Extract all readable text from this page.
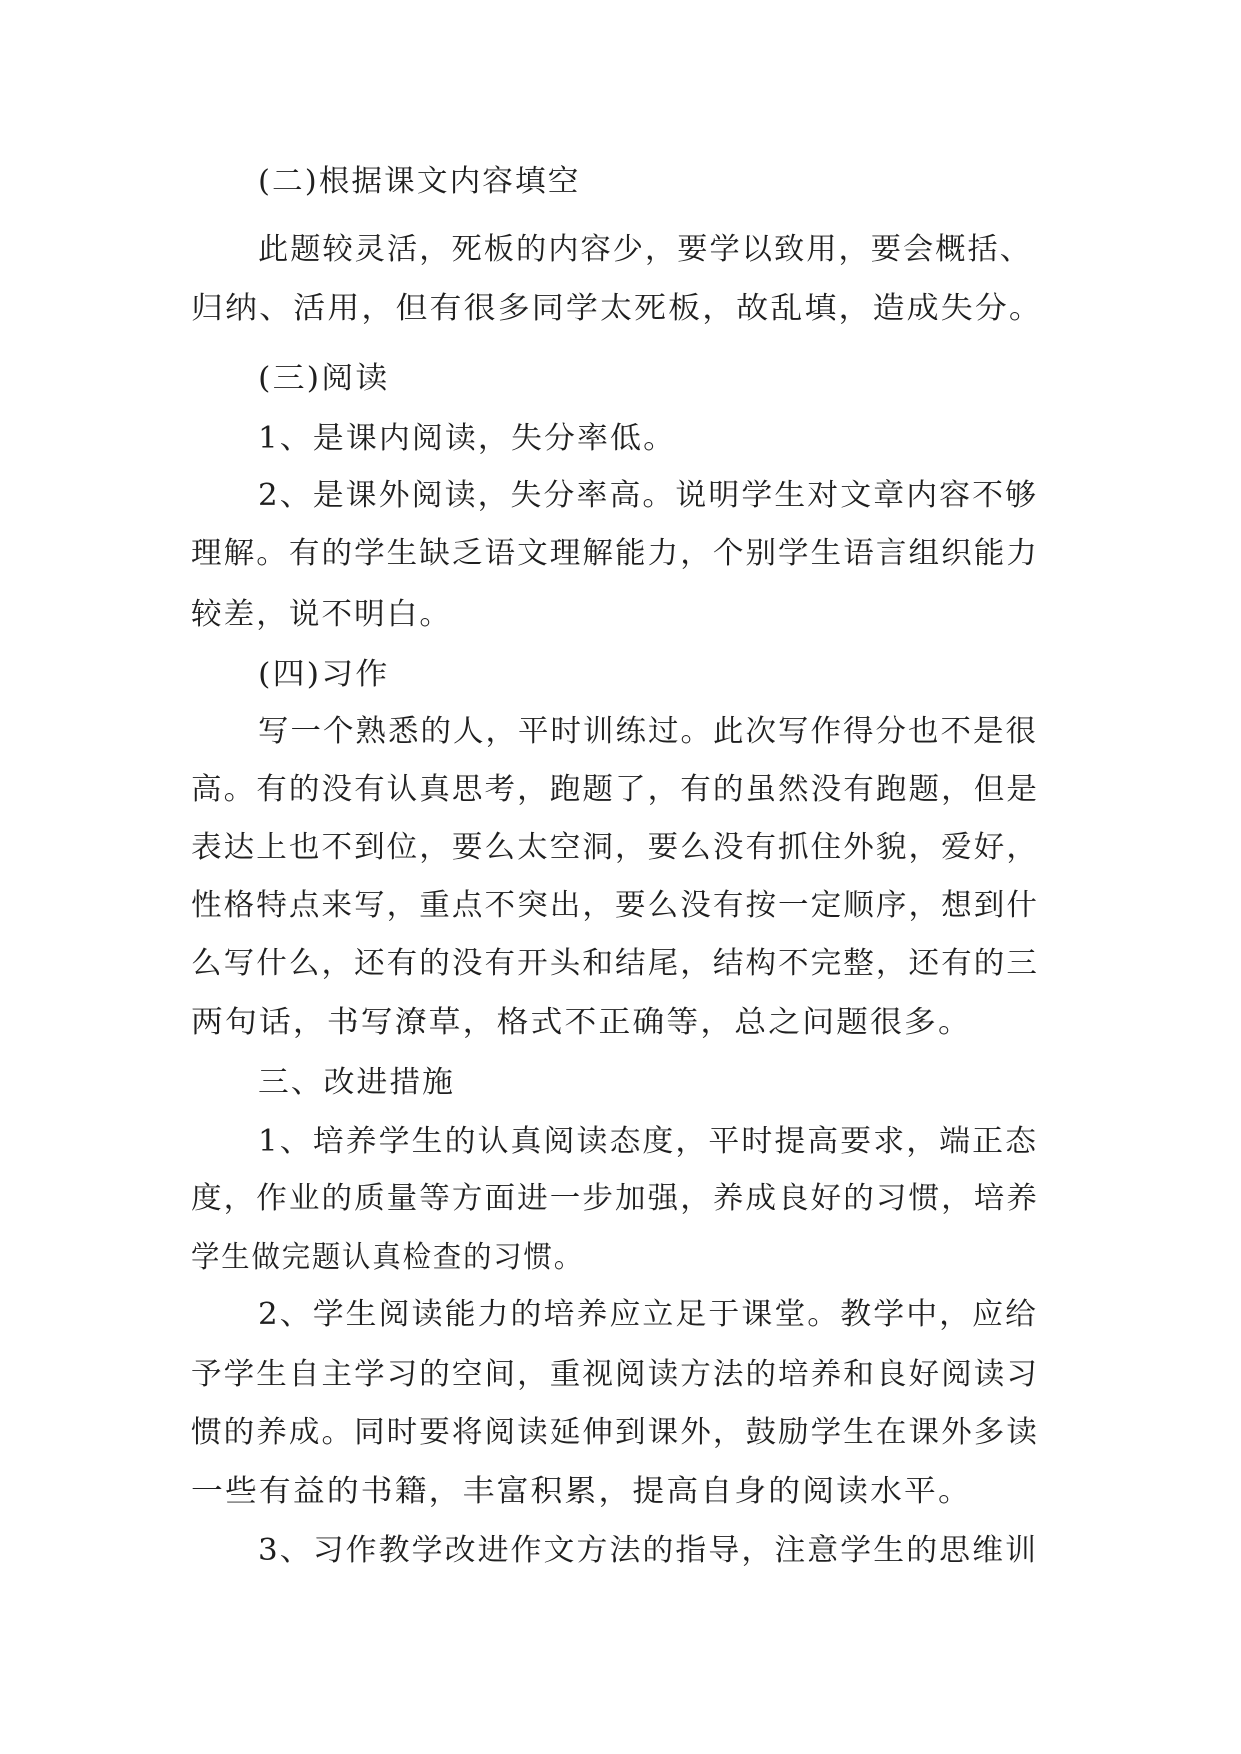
(二)根据课文内容填空
此题较灵活，死板的内容少，要学以致用，要会概括、
归纳、活用，但有很多同学太死板，故乱填，造成失分。
(三)阅读
1、是课内阅读，失分率低。
2、是课外阅读，失分率高。说明学生对文章内容不够
理解。有的学生缺乏语文理解能力，个别学生语言组织能力
较差，说不明白。
(四)习作
写一个熟悉的人，平时训练过。此次写作得分也不是很
高。有的没有认真思考，跑题了，有的虽然没有跑题，但是
表达上也不到位，要么太空洞，要么没有抓住外貌，爱好，
性格特点来写，重点不突出，要么没有按一定顺序，想到什
么写什么，还有的没有开头和结尾，结构不完整，还有的三
两句话，书写潦草，格式不正确等，总之问题很多。
三、改进措施
1、培养学生的认真阅读态度，平时提高要求，端正态
度，作业的质量等方面进一步加强，养成良好的习惯，培养
学生做完题认真检查的习惯。
2、学生阅读能力的培养应立足于课堂。教学中，应给
予学生自主学习的空间，重视阅读方法的培养和良好阅读习
惯的养成。同时要将阅读延伸到课外，鼓励学生在课外多读
一些有益的书籍，丰富积累，提高自身的阅读水平。
3、习作教学改进作文方法的指导，注意学生的思维训
